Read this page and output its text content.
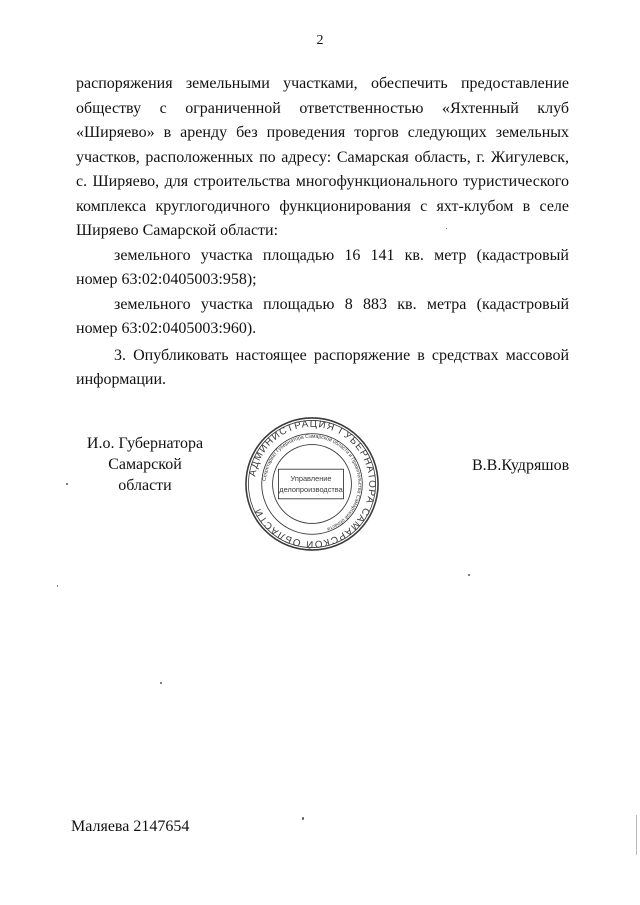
2

распоряжения земельными участками, обеспечить предоставление обществу с ограниченной ответственностью «Яхтенный клуб «Ширяево» в аренду без проведения торгов следующих земельных участков, расположенных по адресу: Самарская область, г. Жигулевск, с. Ширяево, для строительства многофункционального туристического комплекса круглогодичного функционирования с яхт-клубом в селе Ширяево Самарской области:

земельного участка площадью 16 141 кв. метр (кадастровый номер 63:02:0405003:958);

земельного участка площадью 8 883 кв. метра (кадастровый номер 63:02:0405003:960).

3. Опубликовать настоящее распоряжение в средствах массовой информации.

И.о. Губернатора
Самарской области
АДМИНИСТРАЦИЯ ГУБЕРНАТОРА САМАРСКОЙ ОБЛАСТИ
Секретариат Губернатора Самарской области и Правительства Самарской области
Управление
делопроизводства
В.В.Кудряшов
Маляева 2147654
